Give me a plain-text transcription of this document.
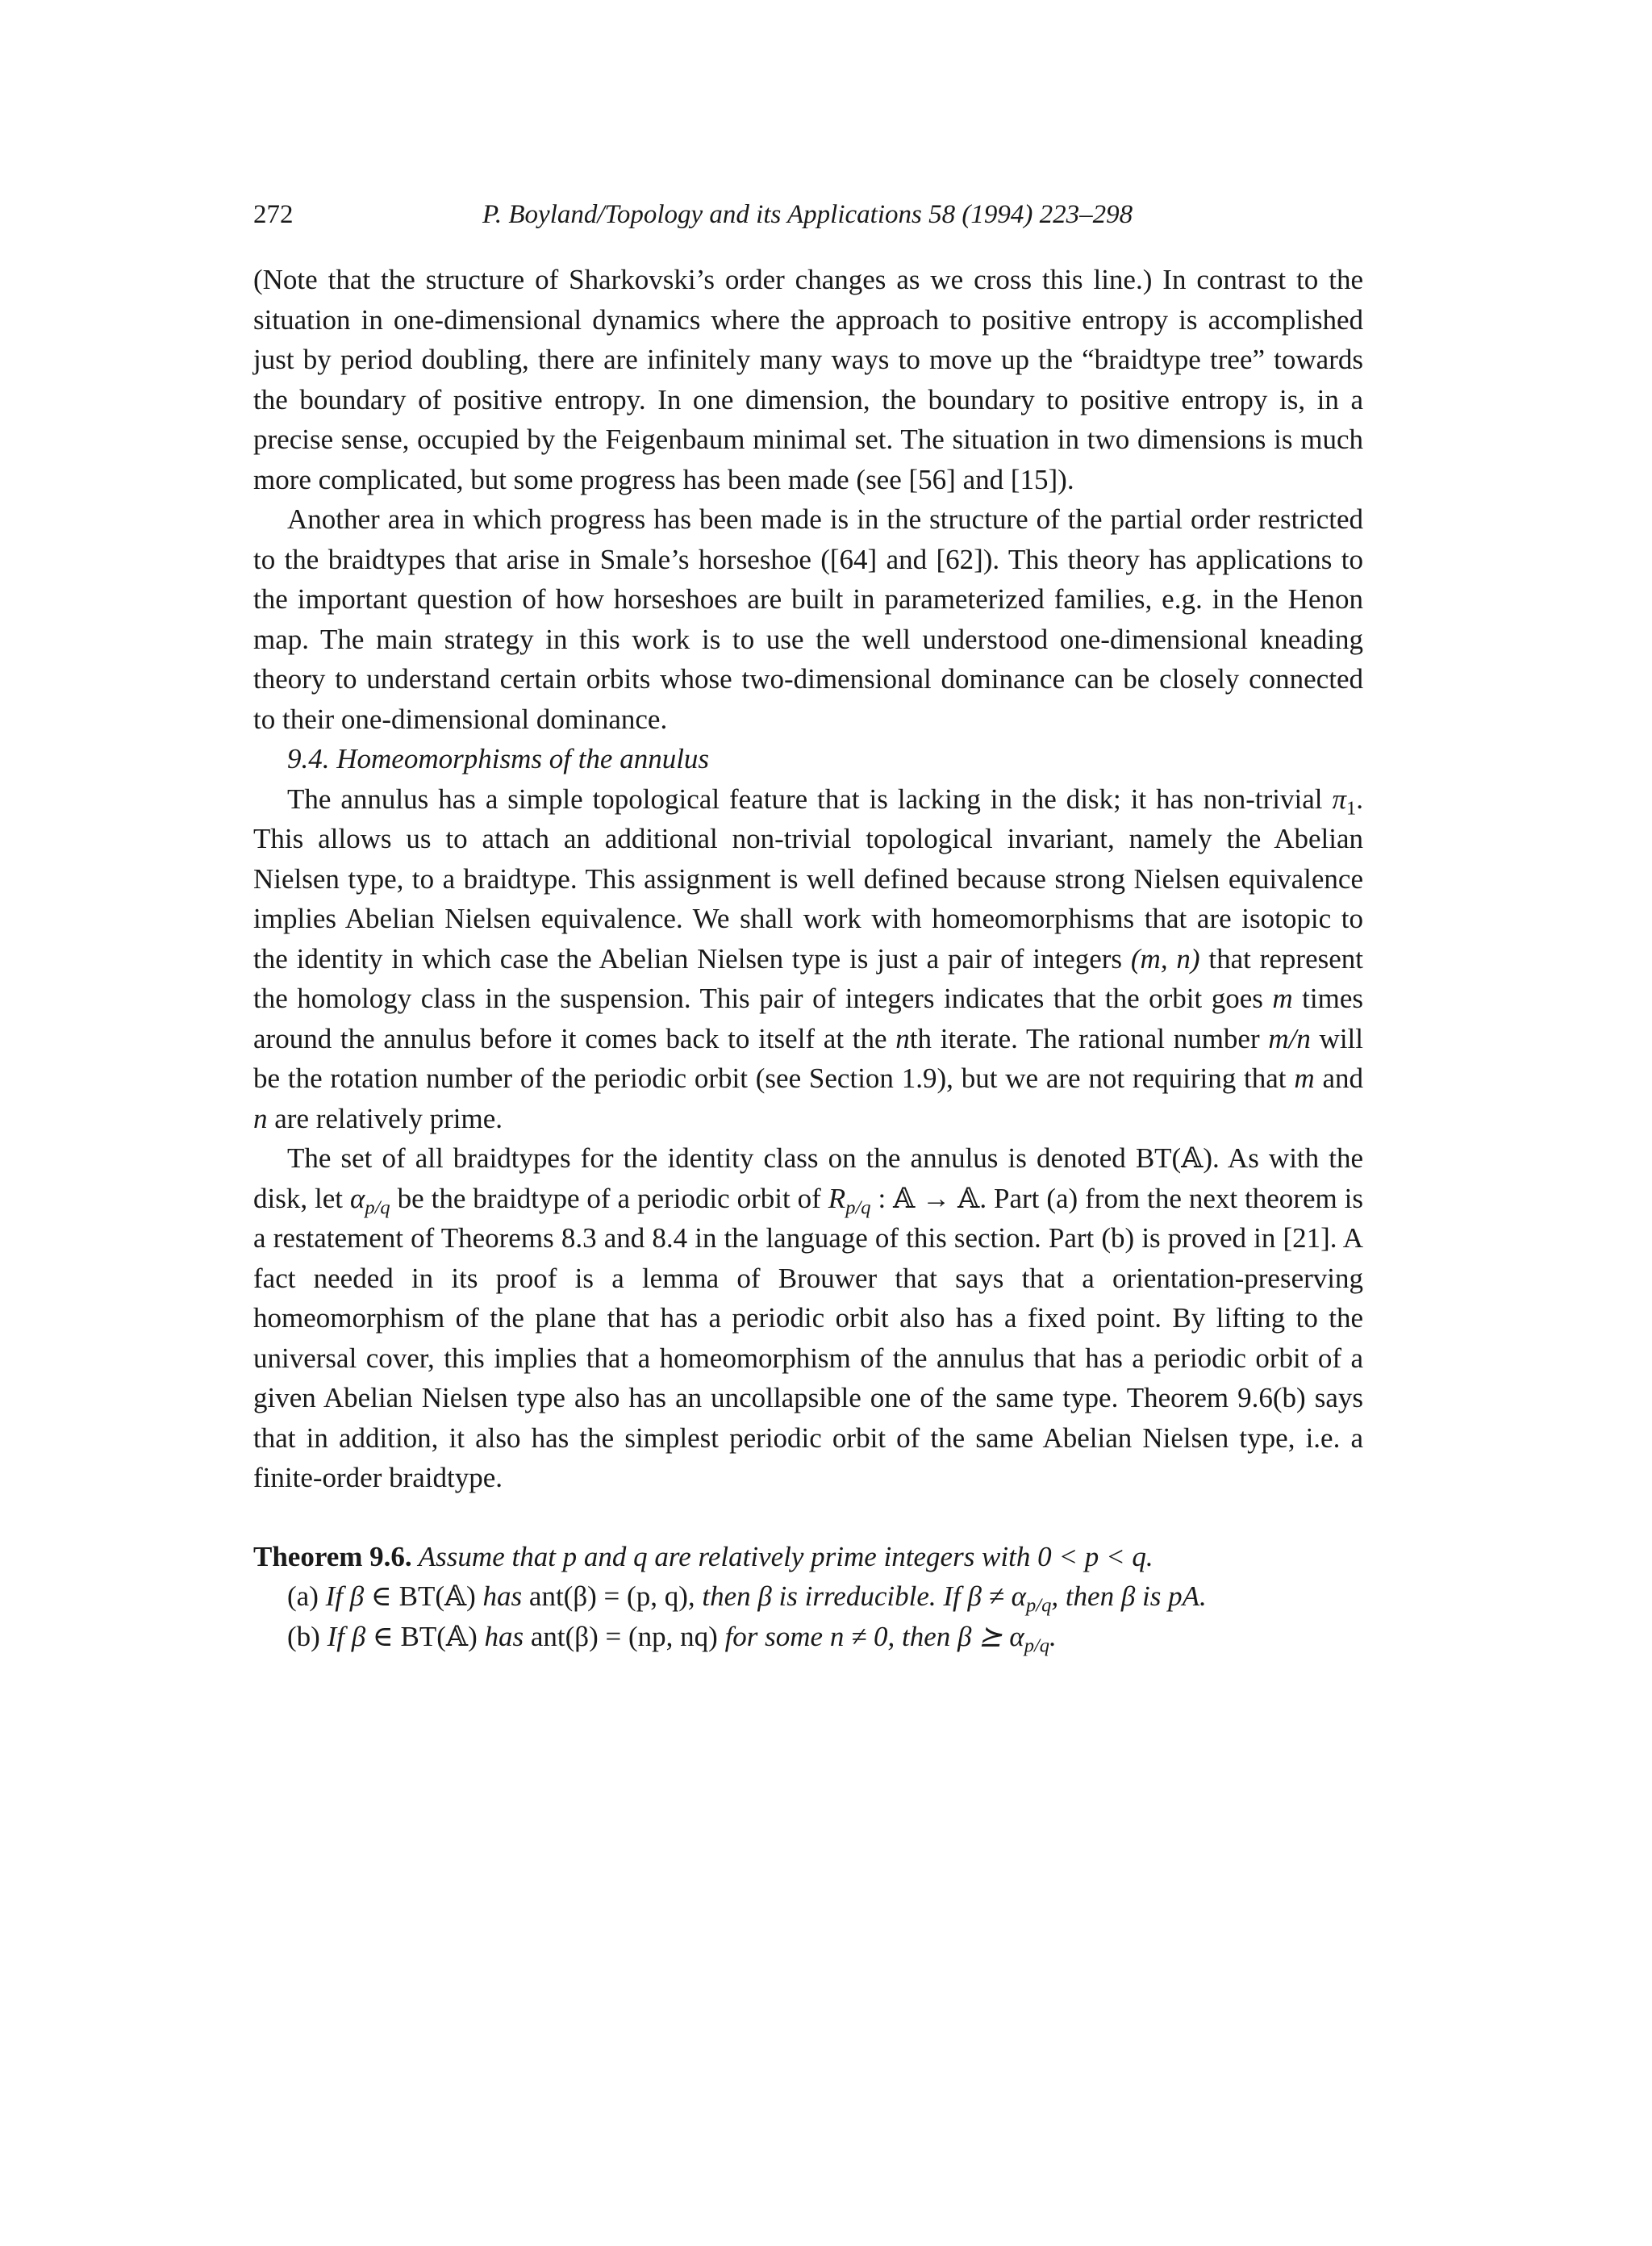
272	P. Boyland/Topology and its Applications 58 (1994) 223–298

(Note that the structure of Sharkovski’s order changes as we cross this line.) In contrast to the situation in one-dimensional dynamics where the approach to positive entropy is accomplished just by period doubling, there are infinitely many ways to move up the “braidtype tree” towards the boundary of positive entropy. In one dimension, the boundary to positive entropy is, in a precise sense, occupied by the Feigenbaum minimal set. The situation in two dimensions is much more complicated, but some progress has been made (see [56] and [15]).

Another area in which progress has been made is in the structure of the partial order restricted to the braidtypes that arise in Smale’s horseshoe ([64] and [62]). This theory has applications to the important question of how horseshoes are built in parameterized families, e.g. in the Henon map. The main strategy in this work is to use the well understood one-dimensional kneading theory to understand certain orbits whose two-dimensional dominance can be closely connected to their one-dimensional dominance.

9.4. Homeomorphisms of the annulus

The annulus has a simple topological feature that is lacking in the disk; it has non-trivial $\pi_1$. This allows us to attach an additional non-trivial topological invariant, namely the Abelian Nielsen type, to a braidtype. This assignment is well defined because strong Nielsen equivalence implies Abelian Nielsen equivalence. We shall work with homeomorphisms that are isotopic to the identity in which case the Abelian Nielsen type is just a pair of integers (m, n) that represent the homology class in the suspension. This pair of integers indicates that the orbit goes m times around the annulus before it comes back to itself at the nth iterate. The rational number m/n will be the rotation number of the periodic orbit (see Section 1.9), but we are not requiring that m and n are relatively prime.

The set of all braidtypes for the identity class on the annulus is denoted BT(𝔸). As with the disk, let $\alpha_{p/q}$ be the braidtype of a periodic orbit of $R_{p/q}$ : 𝔸 → 𝔸. Part (a) from the next theorem is a restatement of Theorems 8.3 and 8.4 in the language of this section. Part (b) is proved in [21]. A fact needed in its proof is a lemma of Brouwer that says that a orientation-preserving homeomorphism of the plane that has a periodic orbit also has a fixed point. By lifting to the universal cover, this implies that a homeomorphism of the annulus that has a periodic orbit of a given Abelian Nielsen type also has an uncollapsible one of the same type. Theorem 9.6(b) says that in addition, it also has the simplest periodic orbit of the same Abelian Nielsen type, i.e. a finite-order braidtype.

Theorem 9.6. Assume that p and q are relatively prime integers with 0 < p < q.

(a) If β ∈ BT(𝔸) has ant(β) = (p, q), then β is irreducible. If $\beta \ne \alpha_{p/q}$, then β is pA.

(b) If β ∈ BT(𝔸) has ant(β) = (np, nq) for some n ≠ 0, then β ⪰ $\alpha_{p/q}$.
